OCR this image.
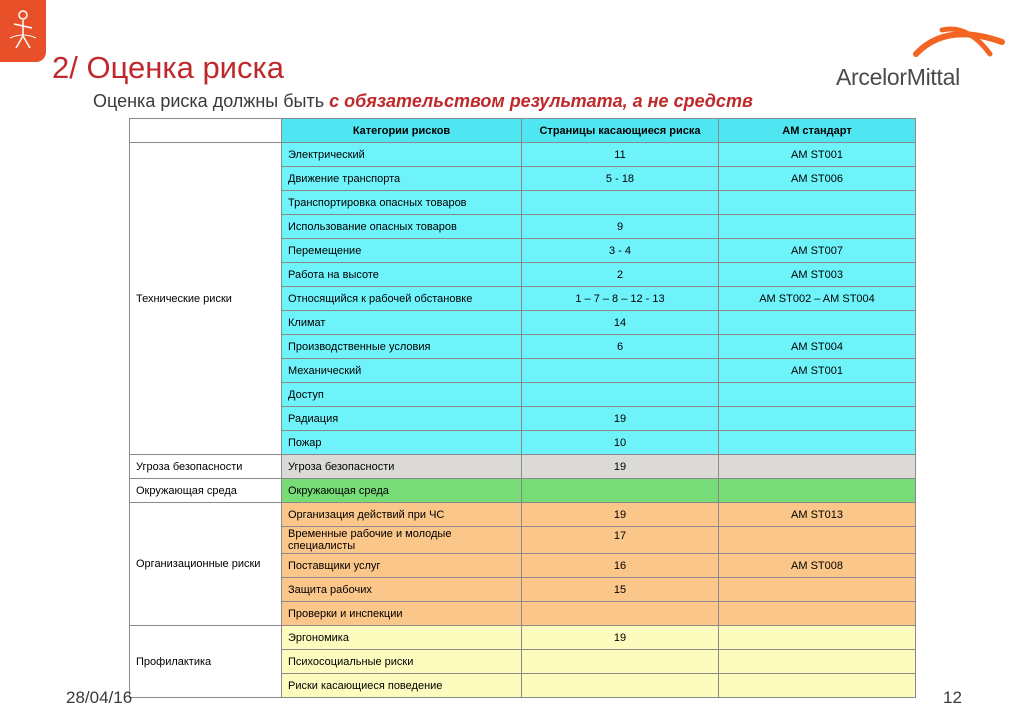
2/ Оценка риска

Оценка риска должны быть с обязательством результата, а не средств

ArcelorMittal
	Категории рисков	Страницы касающиеся риска	AM стандарт
Технические риски	Электрический	11	AM ST001
	Движение транспорта	5 - 18	AM ST006
	Транспортировка опасных товаров		
	Использование опасных товаров	9	
	Перемещение	3 - 4	AM ST007
	Работа на высоте	2	AM ST003
	Относящийся к рабочей обстановке	1 – 7 – 8 – 12 - 13	AM ST002 – AM ST004
	Климат	14	
	Производственные условия	6	AM ST004
	Механический		AM ST001
	Доступ		
	Радиация	19	
	Пожар	10	
Угроза безопасности	Угроза безопасности	19	
Окружающая среда	Окружающая среда		
Организационные риски	Организация действий при ЧС	19	AM ST013
	Временные рабочие и молодые специалисты	17	
	Поставщики услуг	16	AM ST008
	Защита рабочих	15	
	Проверки и инспекции		
Профилактика	Эргономика	19	
	Психосоциальные риски		
	Риски касающиеся поведение		
28/04/16	12
